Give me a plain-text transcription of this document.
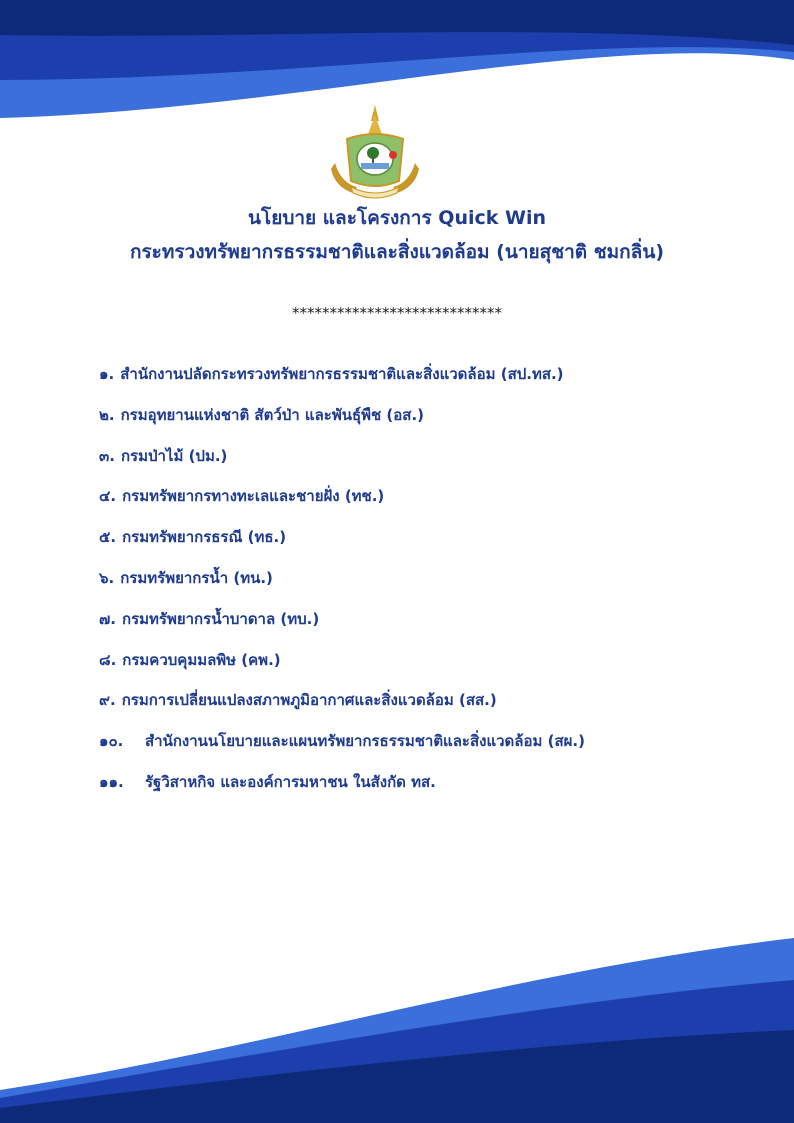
นโยบาย และโครงการ Quick Win
กระทรวงทรัพยากรธรรมชาติและสิ่งแวดล้อม (นายสุชาติ ชมกลิ่น)
****************************
๑. สำนักงานปลัดกระทรวงทรัพยากรธรรมชาติและสิ่งแวดล้อม (สป.ทส.)
๒. กรมอุทยานแห่งชาติ สัตว์ป่า และพันธุ์พืช (อส.)
๓. กรมป่าไม้ (ปม.)
๔. กรมทรัพยากรทางทะเลและชายฝั่ง (ทช.)
๕. กรมทรัพยากรธรณี (ทธ.)
๖. กรมทรัพยากรน้ำ (ทน.)
๗. กรมทรัพยากรน้ำบาดาล (ทบ.)
๘. กรมควบคุมมลพิษ (คพ.)
๙. กรมการเปลี่ยนแปลงสภาพภูมิอากาศและสิ่งแวดล้อม (สส.)
๑๐. สำนักงานนโยบายและแผนทรัพยากรธรรมชาติและสิ่งแวดล้อม (สผ.)
๑๑. รัฐวิสาหกิจ และองค์การมหาชน ในสังกัด ทส.
